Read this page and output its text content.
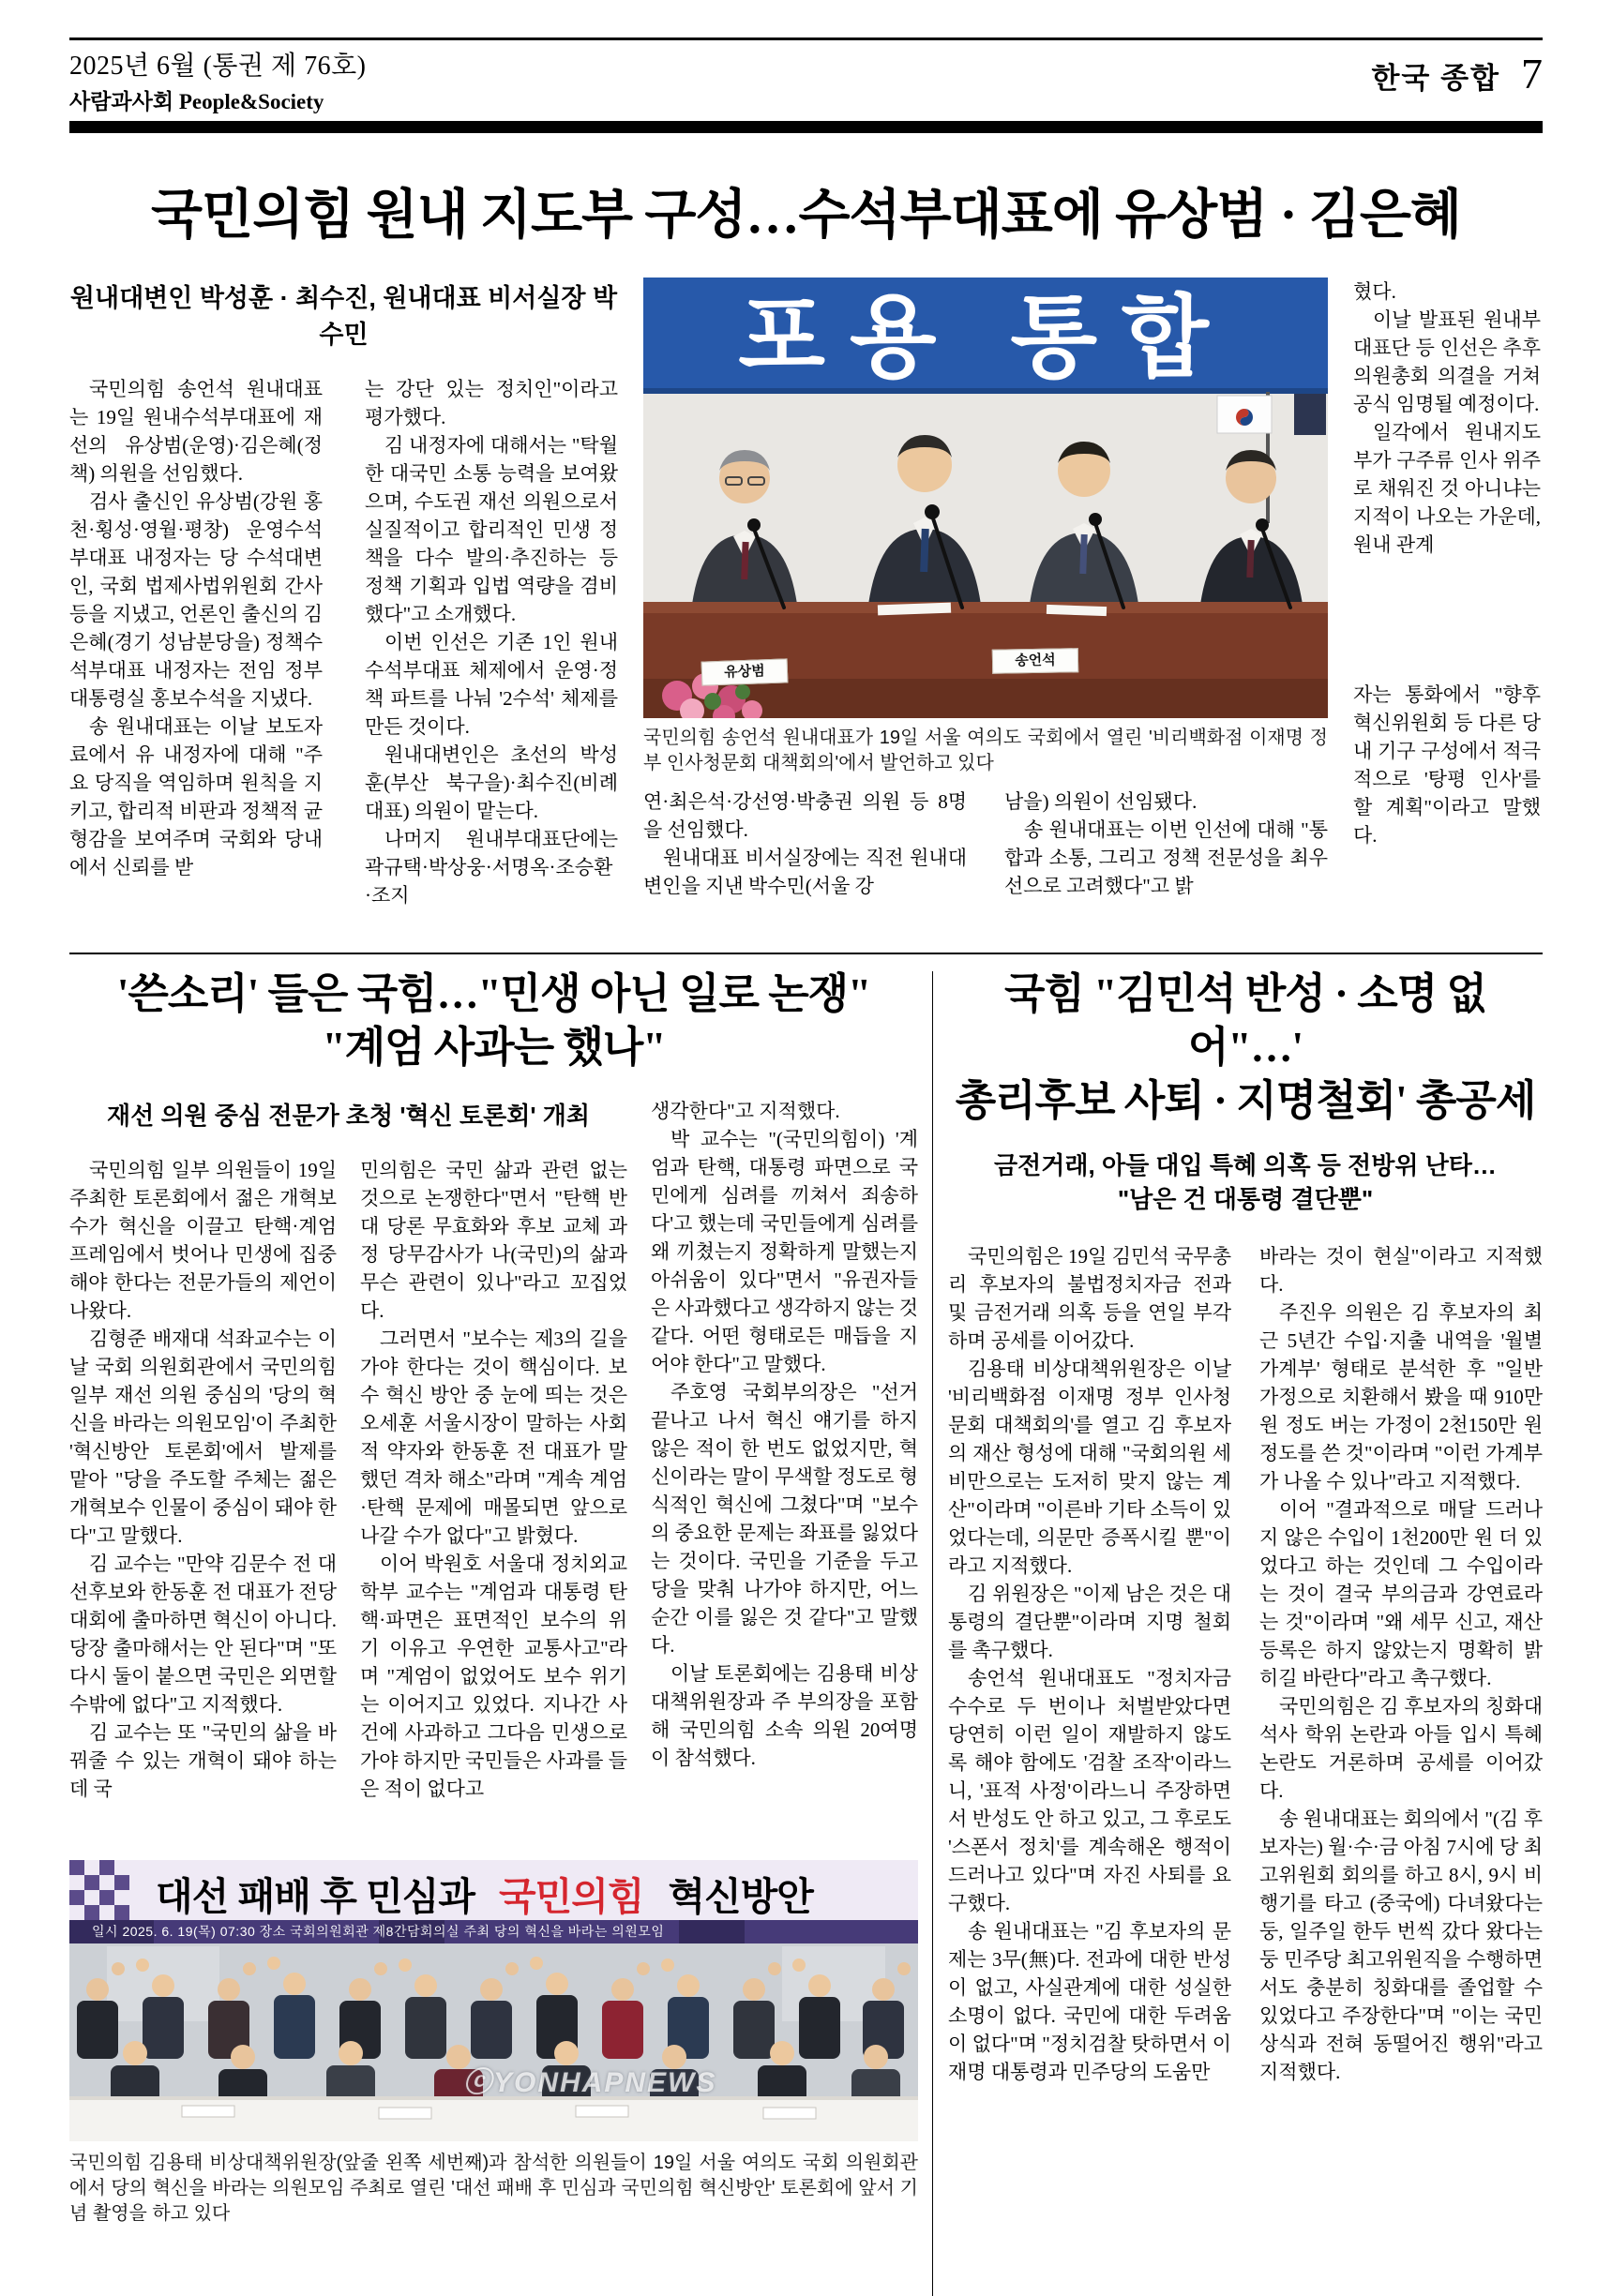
2025년 6월 (통권 제 76호)
사람과사회 People&Society
한국 종합 7
국민의힘 원내 지도부 구성…수석부대표에 유상범 · 김은혜
원내대변인 박성훈 · 최수진, 원내대표 비서실장 박수민

국민의힘 송언석 원내대표는 19일 원내수석부대표에 재선의 유상범(운영)·김은혜(정책) 의원을 선임했다.

검사 출신인 유상범(강원 홍천·횡성·영월·평창) 운영수석부대표 내정자는 당 수석대변인, 국회 법제사법위원회 간사 등을 지냈고, 언론인 출신의 김은혜(경기 성남분당을) 정책수석부대표 내정자는 전임 정부 대통령실 홍보수석을 지냈다.

송 원내대표는 이날 보도자료에서 유 내정자에 대해 "주요 당직을 역임하며 원칙을 지키고, 합리적 비판과 정책적 균형감을 보여주며 국회와 당내에서 신뢰를 받

는 강단 있는 정치인"이라고 평가했다.

김 내정자에 대해서는 "탁월한 대국민 소통 능력을 보여왔으며, 수도권 재선 의원으로서 실질적이고 합리적인 민생 정책을 다수 발의·추진하는 등 정책 기획과 입법 역량을 겸비했다"고 소개했다.

이번 인선은 기존 1인 원내수석부대표 체제에서 운영·정책 파트를 나눠 '2수석' 체제를 만든 것이다.

원내대변인은 초선의 박성훈(부산 북구을)·최수진(비례대표) 의원이 맡는다.

나머지 원내부대표단에는 곽규택·박상웅·서명옥·조승환·조지

포용 통합
유상범
송언석
국민의힘 송언석 원내대표가 19일 서울 여의도 국회에서 열린 '비리백화점 이재명 정부 인사청문회 대책회의'에서 발언하고 있다

연·최은석·강선영·박충권 의원 등 8명을 선임했다.

원내대표 비서실장에는 직전 원내대변인을 지낸 박수민(서울 강

남을) 의원이 선임됐다.

송 원내대표는 이번 인선에 대해 "통합과 소통, 그리고 정책 전문성을 최우선으로 고려했다"고 밝

혔다.

이날 발표된 원내부대표단 등 인선은 추후 의원총회 의결을 거쳐 공식 임명될 예정이다.

일각에서 원내지도부가 구주류 인사 위주로 채워진 것 아니냐는 지적이 나오는 가운데, 원내 관계

자는 통화에서 "향후 혁신위원회 등 다른 당내 기구 구성에서 적극적으로 '탕평 인사'를 할 계획"이라고 말했다.

'쓴소리' 들은 국힘…"민생 아닌 일로 논쟁"
"계엄 사과는 했나"
재선 의원 중심 전문가 초청 '혁신 토론회' 개최

국민의힘 일부 의원들이 19일 주최한 토론회에서 젊은 개혁보수가 혁신을 이끌고 탄핵·계엄 프레임에서 벗어나 민생에 집중해야 한다는 전문가들의 제언이 나왔다.

김형준 배재대 석좌교수는 이날 국회 의원회관에서 국민의힘 일부 재선 의원 중심의 '당의 혁신을 바라는 의원모임'이 주최한 '혁신방안 토론회'에서 발제를 맡아 "당을 주도할 주체는 젊은 개혁보수 인물이 중심이 돼야 한다"고 말했다.

김 교수는 "만약 김문수 전 대선후보와 한동훈 전 대표가 전당대회에 출마하면 혁신이 아니다. 당장 출마해서는 안 된다"며 "또다시 둘이 붙으면 국민은 외면할 수밖에 없다"고 지적했다.

김 교수는 또 "국민의 삶을 바꿔줄 수 있는 개혁이 돼야 하는데 국

민의힘은 국민 삶과 관련 없는 것으로 논쟁한다"면서 "탄핵 반대 당론 무효화와 후보 교체 과정 당무감사가 나(국민)의 삶과 무슨 관련이 있나"라고 꼬집었다.

그러면서 "보수는 제3의 길을 가야 한다는 것이 핵심이다. 보수 혁신 방안 중 눈에 띄는 것은 오세훈 서울시장이 말하는 사회적 약자와 한동훈 전 대표가 말했던 격차 해소"라며 "계속 계엄·탄핵 문제에 매몰되면 앞으로 나갈 수가 없다"고 밝혔다.

이어 박원호 서울대 정치외교학부 교수는 "계엄과 대통령 탄핵·파면은 표면적인 보수의 위기 이유고 우연한 교통사고"라며 "계엄이 없었어도 보수 위기는 이어지고 있었다. 지나간 사건에 사과하고 그다음 민생으로 가야 하지만 국민들은 사과를 들은 적이 없다고

생각한다"고 지적했다.

박 교수는 "(국민의힘이) '계엄과 탄핵, 대통령 파면으로 국민에게 심려를 끼쳐서 죄송하다'고 했는데 국민들에게 심려를 왜 끼쳤는지 정확하게 말했는지 아쉬움이 있다"면서 "유권자들은 사과했다고 생각하지 않는 것 같다. 어떤 형태로든 매듭을 지어야 한다"고 말했다.

주호영 국회부의장은 "선거 끝나고 나서 혁신 얘기를 하지 않은 적이 한 번도 없었지만, 혁신이라는 말이 무색할 정도로 형식적인 혁신에 그쳤다"며 "보수의 중요한 문제는 좌표를 잃었다는 것이다. 국민을 기준을 두고 당을 맞춰 나가야 하지만, 어느 순간 이를 잃은 것 같다"고 말했다.

이날 토론회에는 김용태 비상대책위원장과 주 부의장을 포함해 국민의힘 소속 의원 20여명이 참석했다.

대선 패배 후 민심과 국민의힘 혁신방안
일시 2025. 6. 19(목) 07:30 장소 국회의원회관 제8간담회의실 주최 당의 혁신을 바라는 의원모임
ⓒYONHAPNEWS
국민의힘 김용태 비상대책위원장(앞줄 왼쪽 세번째)과 참석한 의원들이 19일 서울 여의도 국회 의원회관에서 당의 혁신을 바라는 의원모임 주최로 열린 '대선 패배 후 민심과 국민의힘 혁신방안' 토론회에 앞서 기념 촬영을 하고 있다
국힘 "김민석 반성 · 소명 없어"…'
총리후보 사퇴 · 지명철회' 총공세
금전거래, 아들 대입 특혜 의혹 등 전방위 난타…
"남은 건 대통령 결단뿐"

국민의힘은 19일 김민석 국무총리 후보자의 불법정치자금 전과 및 금전거래 의혹 등을 연일 부각하며 공세를 이어갔다.

김용태 비상대책위원장은 이날 '비리백화점 이재명 정부 인사청문회 대책회의'를 열고 김 후보자의 재산 형성에 대해 "국회의원 세비만으로는 도저히 맞지 않는 계산"이라며 "이른바 기타 소득이 있었다는데, 의문만 증폭시킬 뿐"이라고 지적했다.

김 위원장은 "이제 남은 것은 대통령의 결단뿐"이라며 지명 철회를 촉구했다.

송언석 원내대표도 "정치자금 수수로 두 번이나 처벌받았다면 당연히 이런 일이 재발하지 않도록 해야 함에도 '검찰 조작'이라느니, '표적 사정'이라느니 주장하면서 반성도 안 하고 있고, 그 후로도 '스폰서 정치'를 계속해온 행적이 드러나고 있다"며 자진 사퇴를 요구했다.

송 원내대표는 "김 후보자의 문제는 3무(無)다. 전과에 대한 반성이 없고, 사실관계에 대한 성실한 소명이 없다. 국민에 대한 두려움이 없다"며 "정치검찰 탓하면서 이재명 대통령과 민주당의 도움만

바라는 것이 현실"이라고 지적했다.

주진우 의원은 김 후보자의 최근 5년간 수입·지출 내역을 '월별 가계부' 형태로 분석한 후 "일반 가정으로 치환해서 봤을 때 910만 원 정도 버는 가정이 2천150만 원 정도를 쓴 것"이라며 "이런 가계부가 나올 수 있나"라고 지적했다.

이어 "결과적으로 매달 드러나지 않은 수입이 1천200만 원 더 있었다고 하는 것인데 그 수입이라는 것이 결국 부의금과 강연료라는 것"이라며 "왜 세무 신고, 재산 등록은 하지 않았는지 명확히 밝히길 바란다"라고 촉구했다.

국민의힘은 김 후보자의 칭화대 석사 학위 논란과 아들 입시 특혜 논란도 거론하며 공세를 이어갔다.

송 원내대표는 회의에서 "(김 후보자는) 월·수·금 아침 7시에 당 최고위원회 회의를 하고 8시, 9시 비행기를 타고 (중국에) 다녀왔다는 둥, 일주일 한두 번씩 갔다 왔다는 둥 민주당 최고위원직을 수행하면서도 충분히 칭화대를 졸업할 수 있었다고 주장한다"며 "이는 국민 상식과 전혀 동떨어진 행위"라고 지적했다.
